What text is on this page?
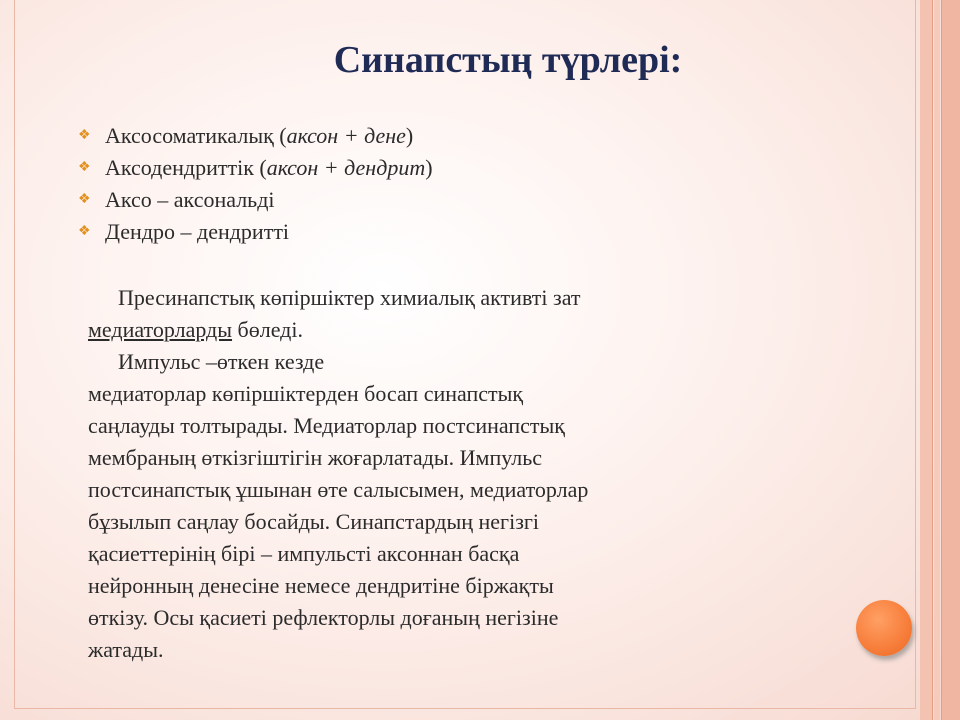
Синапстың түрлері:
❖ Аксосоматикалық (аксон + дене)
❖ Аксодендриттік (аксон + дендрит)
❖ Аксо – аксональді
❖ Дендро – дендритті
Пресинапстық көпіршіктер химиалық активті зат
медиаторларды бөледі.
Импульс –өткен кезде
медиаторлар көпіршіктерден босап синапстық
саңлауды толтырады. Медиаторлар постсинапстық
мембраның өткізгіштігін жоғарлатады. Импульс
постсинапстық ұшынан өте салысымен, медиаторлар
бұзылып саңлау босайды. Синапстардың негізгі
қасиеттерінің бірі – импульсті аксоннан басқа
нейронның денесіне немесе дендритіне біржақты
өткізу. Осы қасиеті рефлекторлы доғаның негізіне
жатады.
